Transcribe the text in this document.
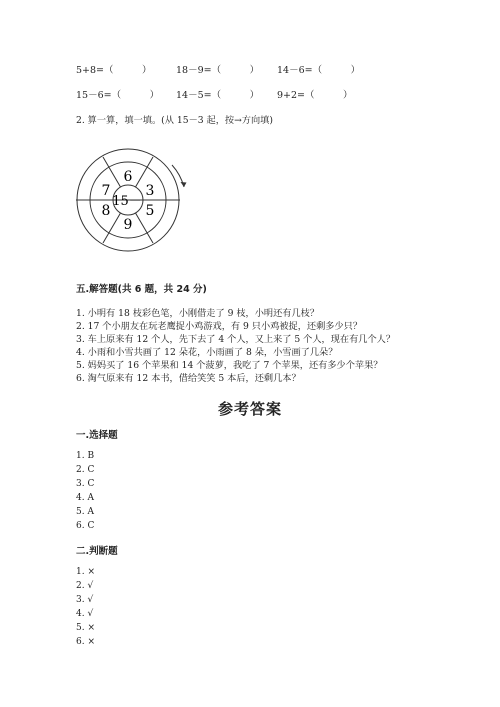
5+8=（　　　）	18－9=（　　　） 14－6=（　　　）
15－6=（　　　） 14－5=（　　　） 9+2=（　　　）
2. 算一算，填一填。(从 15－3 起，按→方向填)
6
3
5
9
8
7
15－
五.解答题(共 6 题，共 24 分)
1. 小明有 18 枝彩色笔，小刚借走了 9 枝，小明还有几枝？
2. 17 个小朋友在玩老鹰捉小鸡游戏，有 9 只小鸡被捉，还剩多少只？
3. 车上原来有 12 个人，先下去了 4 个人，又上来了 5 个人，现在有几个人？
4. 小雨和小雪共画了 12 朵花，小雨画了 8 朵，小雪画了几朵？
5. 妈妈买了 16 个苹果和 14 个菠萝，我吃了 7 个苹果，还有多少个苹果？
6. 淘气原来有 12 本书，借给笑笑 5 本后，还剩几本？
参考答案
一.选择题
1. B
2. C
3. C
4. A
5. A
6. C
二.判断题
1. ×
2. √
3. √
4. √
5. ×
6. ×
